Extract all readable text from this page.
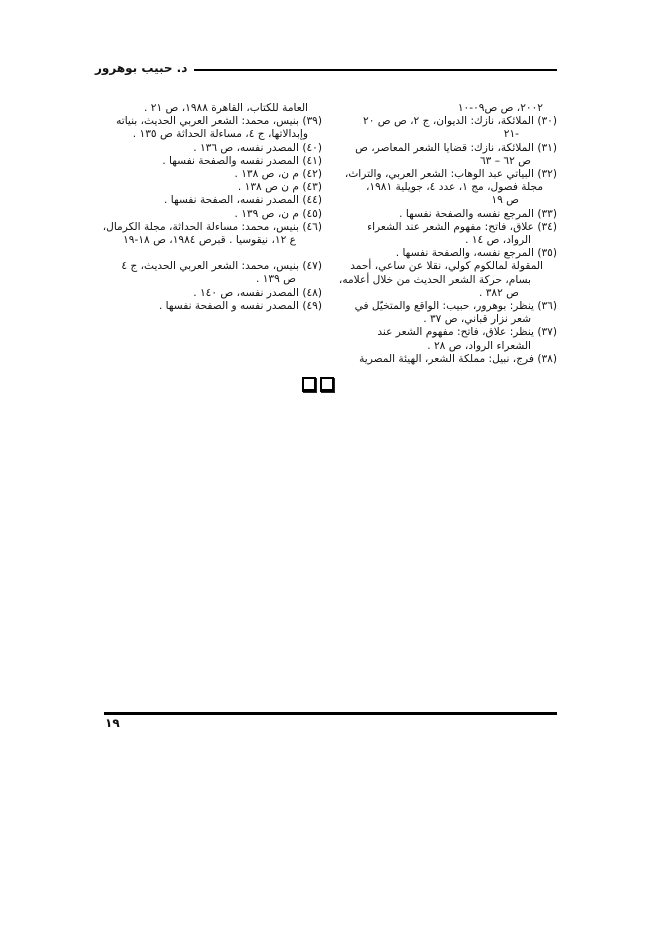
د. حبيب بوهرور
٢٠٠٢، ص ص٠٩-١٠
(٣٠) الملائكة، نازك: الديوان، ج ٢، ص ص ٢٠
-٢١
(٣١) الملائكة، نازك: قضايا الشعر المعاصر، ص
ص ٦٢ – ٦٣
(٣٢) البياتي عبد الوهاب: الشعر العربي، والتراث،
مجلة فصول، مج ١، عدد ٤، جويلية ١٩٨١،
ص ١٩
(٣٣) المرجع نفسه والصفحة نفسها .
(٣٤) علاق، فاتح: مفهوم الشعر عند الشعراء
الرواد، ص ١٤ .
(٣٥) المرجع نفسه، والصفحة نفسها .
المقولة لمالكوم كولي، نقلا عن ساعي، أحمد
بسام، حركة الشعر الحديث من خلال أعلامه،
ص ٣٨٢ .
(٣٦) ينظر: بوهرور، حبيب: الواقع والمتخيّل في
شعر نزار قباني، ص ٣٧ .
(٣٧) ينظر: علاق، فاتح: مفهوم الشعر عند
الشعراء الرواد، ص ٢٨ .
(٣٨) فرج، نبيل: مملكة الشعر، الهيئة المصرية
العامة للكتاب، القاهرة ١٩٨٨، ص ٢١ .
(٣٩) بنيس، محمد: الشعر العربي الحديث، بنياته
وإبدالاتها، ج ٤، مساءلة الحداثة ص ١٣٥ .
(٤٠) المصدر نفسه، ص ١٣٦ .
(٤١) المصدر نفسه والصفحة نفسها .
(٤٢) م ن، ص ١٣٨ .
(٤٣) م ن ص ١٣٨ .
(٤٤) المصدر نفسه، الصفحة نفسها .
(٤٥) م ن، ص ١٣٩ .
(٤٦) بنيس، محمد: مساءلة الحداثة، مجلة الكرمال،
ع ١٢، نيقوسيا . قبرص ١٩٨٤، ص ١٨-١٩
(٤٧) بنيس، محمد: الشعر العربي الحديث، ج ٤
ص ١٣٩ .
(٤٨) المصدر نفسه، ص ١٤٠ .
(٤٩) المصدر نفسه و الصفحة نفسها .
١٩
